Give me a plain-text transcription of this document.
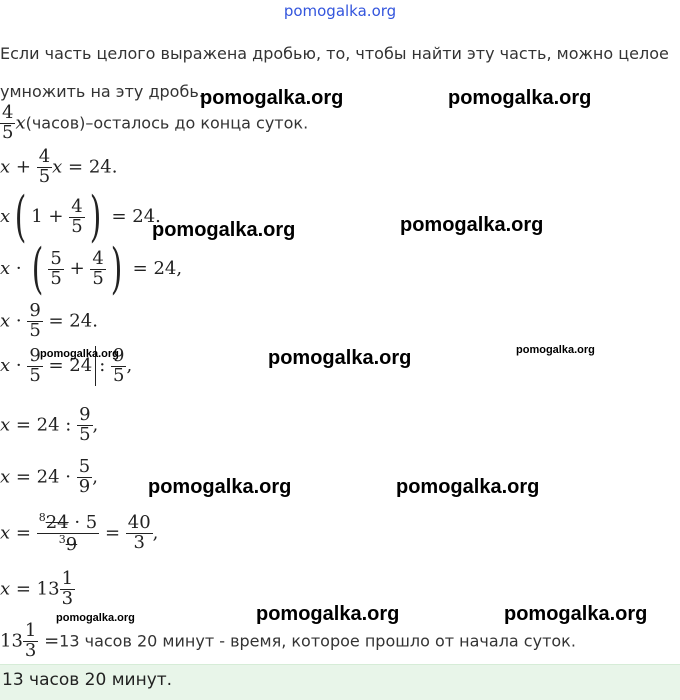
pomogalka.org
Если часть целого выражена дробью, то, чтобы найти эту часть, можно целое
умножить на эту дробь.
$\frac{4}{5}$ x(часов)–осталось до конца суток.
$x + \frac{4}{5}$ x = 24.
x( $1 + \frac{4}{5}$ ) = 24.
x · ( $\frac{5}{5} + \frac{4}{5}$ ) = 24,
$x \cdot \frac{9}{5} = 24$.
$x \cdot \frac{9}{5} = 24$ : $\frac{9}{5}$ ,
x = 24 : $\frac{9}{5}$ ,
$x = 24 \cdot \frac{5}{9}$ ,
$x = \frac{^824 \cdot 5}{^39} = \frac{40}{3}$ ,
$x = 13 \frac{1}{3}$
$13 \frac{1}{3} =13$ часов 20 минут - время, которое прошло от начала суток.
13 часов 20 минут.
pomogalka.org	pomogalka.org
pomogalka.org	pomogalka.org
pomogalka.org	pomogalka.org	pomogalka.org
pomogalka.org	pomogalka.org
pomogalka.org	pomogalka.org	pomogalka.org
